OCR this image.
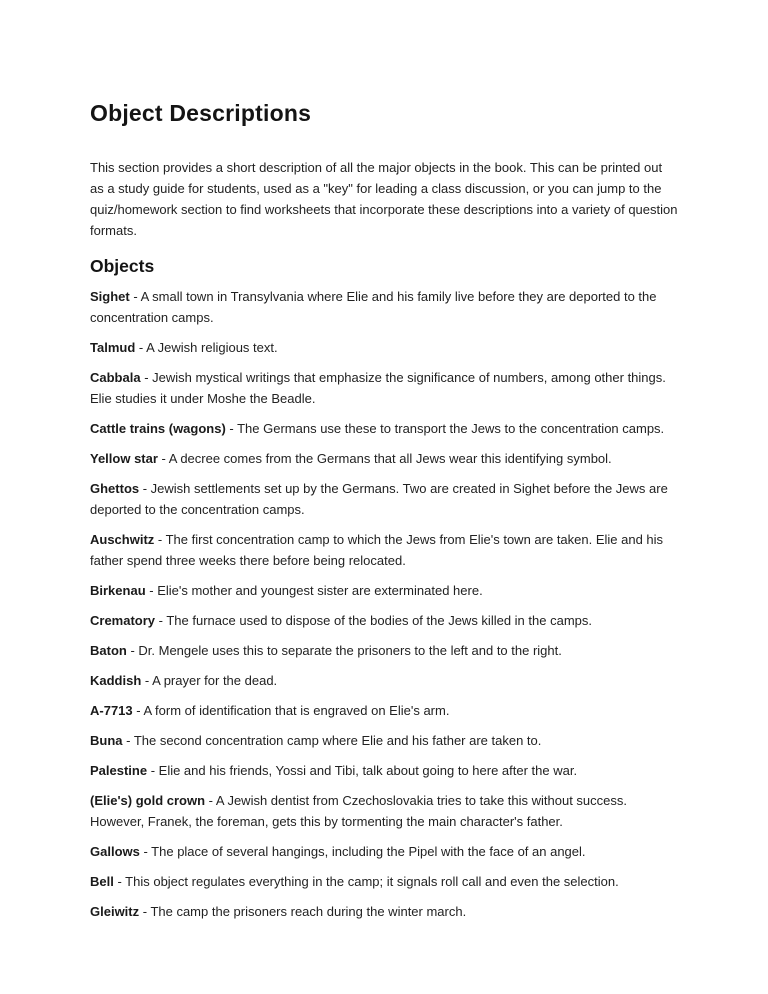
Object Descriptions

This section provides a short description of all the major objects in the book. This can be printed out as a study guide for students, used as a "key" for leading a class discussion, or you can jump to the quiz/homework section to find worksheets that incorporate these descriptions into a variety of question formats.

Objects

Sighet - A small town in Transylvania where Elie and his family live before they are deported to the concentration camps.

Talmud - A Jewish religious text.

Cabbala - Jewish mystical writings that emphasize the significance of numbers, among other things. Elie studies it under Moshe the Beadle.

Cattle trains (wagons) - The Germans use these to transport the Jews to the concentration camps.

Yellow star - A decree comes from the Germans that all Jews wear this identifying symbol.

Ghettos - Jewish settlements set up by the Germans. Two are created in Sighet before the Jews are deported to the concentration camps.

Auschwitz - The first concentration camp to which the Jews from Elie's town are taken. Elie and his father spend three weeks there before being relocated.

Birkenau - Elie's mother and youngest sister are exterminated here.

Crematory - The furnace used to dispose of the bodies of the Jews killed in the camps.

Baton - Dr. Mengele uses this to separate the prisoners to the left and to the right.

Kaddish - A prayer for the dead.

A-7713 - A form of identification that is engraved on Elie's arm.

Buna - The second concentration camp where Elie and his father are taken to.

Palestine - Elie and his friends, Yossi and Tibi, talk about going to here after the war.

(Elie's) gold crown - A Jewish dentist from Czechoslovakia tries to take this without success. However, Franek, the foreman, gets this by tormenting the main character's father.

Gallows - The place of several hangings, including the Pipel with the face of an angel.

Bell - This object regulates everything in the camp; it signals roll call and even the selection.

Gleiwitz - The camp the prisoners reach during the winter march.
